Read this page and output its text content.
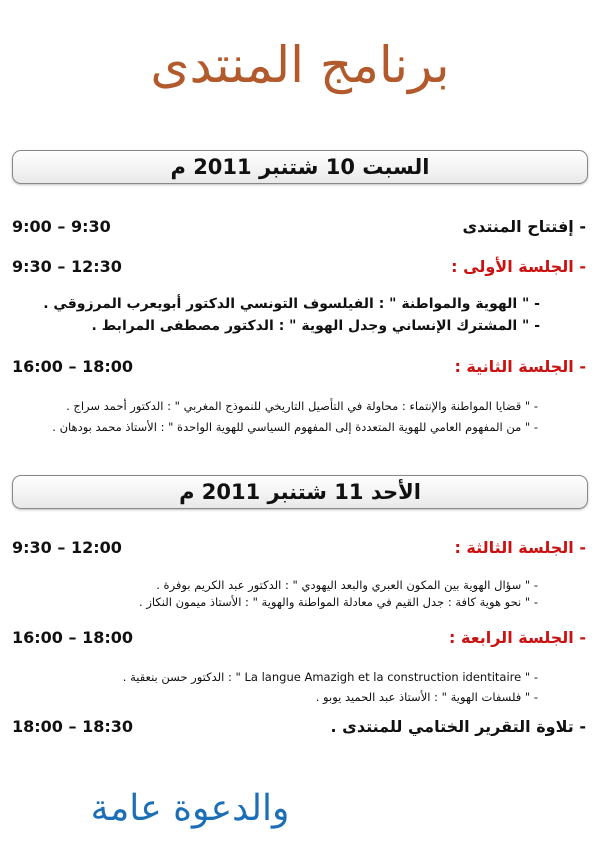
برنامج المنتدى
السبت 10 شتنبر 2011 م
9:00 – 9:30	- إفتتاح المنتدى
9:30 – 12:30	- الجلسة الأولى :
- " الهوية والمواطنة " : الفيلسوف التونسي الدكتور أبويعرب المرزوقي .
- " المشترك الإنساني وجدل الهوية " : الدكتور مصطفى المرابط .
16:00 – 18:00	- الجلسة الثانية :
- " قضايا المواطنة والإنتماء : محاولة في التأصيل التاريخي للنموذج المغربي " : الدكتور أحمد سراج .
- " من المفهوم العامي للهوية المتعددة إلى المفهوم السياسي للهوية الواحدة " : الأستاذ محمد بودهان .
الأحد 11 شتنبر 2011 م
9:30 – 12:00	- الجلسة الثالثة :
- " سؤال الهوية بين المكون العبري والبعد اليهودي " : الدكتور عبد الكريم بوفرة .
- " نحو هوية كافة : جدل القيم في معادلة المواطنة والهوية " : الأستاذ ميمون النكاز .
16:00 – 18:00	- الجلسة الرابعة :
- " La langue Amazigh et la construction identitaire " : الدكتور حسن بنعقية .
- " فلسفات الهوية " : الأستاذ عبد الحميد يوبو .
18:00 – 18:30	- تلاوة التقرير الختامي للمنتدى .
والدعوة عامة
